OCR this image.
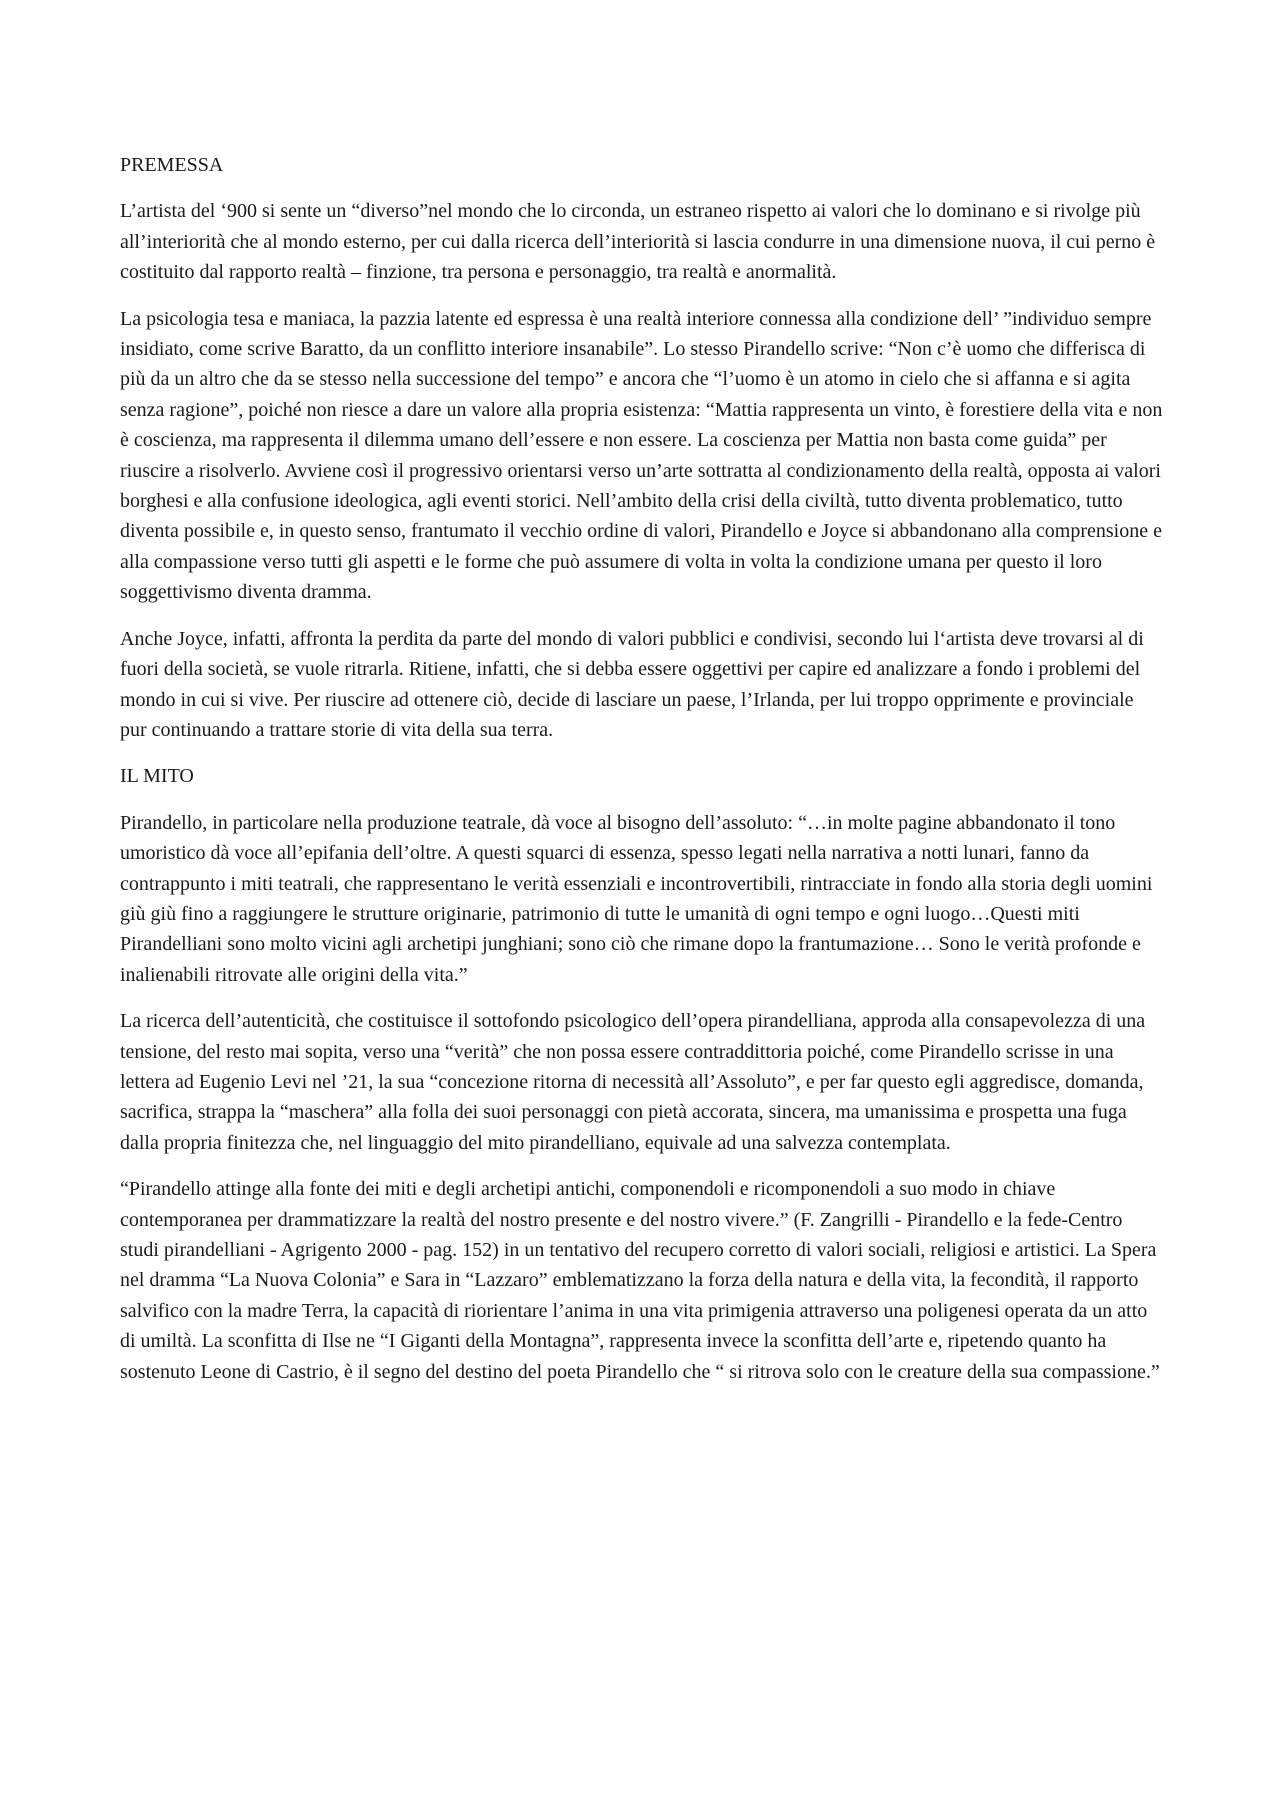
PREMESSA

L’artista del ‘900 si sente un “diverso”nel mondo che lo circonda, un estraneo rispetto ai valori che lo dominano e si rivolge più all’interiorità che al mondo esterno, per cui dalla ricerca dell’interiorità si lascia condurre in una dimensione nuova, il cui perno è costituito dal rapporto realtà – finzione, tra persona e personaggio, tra realtà e anormalità.

La psicologia tesa e maniaca, la pazzia latente ed espressa è una realtà interiore connessa alla condizione dell’ ”individuo sempre insidiato, come scrive Baratto, da un conflitto interiore insanabile”. Lo stesso Pirandello scrive: “Non c’è uomo che differisca di più da un altro che da se stesso nella successione del tempo” e ancora che “l’uomo è un atomo in cielo che si affanna e si agita senza ragione”, poiché non riesce a dare un valore alla propria esistenza: “Mattia rappresenta un vinto, è forestiere della vita e non è coscienza, ma rappresenta il dilemma umano dell’essere e non essere. La coscienza per Mattia non basta come guida” per riuscire a risolverlo. Avviene così il progressivo orientarsi verso un’arte sottratta al condizionamento della realtà, opposta ai valori borghesi e alla confusione ideologica, agli eventi storici. Nell’ambito della crisi della civiltà, tutto diventa problematico, tutto diventa possibile e, in questo senso, frantumato il vecchio ordine di valori, Pirandello e Joyce si abbandonano alla comprensione e alla compassione verso tutti gli aspetti e le forme che può assumere di volta in volta la condizione umana per questo il loro soggettivismo diventa dramma.

Anche Joyce, infatti, affronta la perdita da parte del mondo di valori pubblici e condivisi, secondo lui l‘artista deve trovarsi al di fuori della società, se vuole ritrarla. Ritiene, infatti, che si debba essere oggettivi per capire ed analizzare a fondo i problemi del mondo in cui si vive. Per riuscire ad ottenere ciò, decide di lasciare un paese, l’Irlanda, per lui troppo opprimente e provinciale pur continuando a trattare storie di vita della sua terra.

IL MITO

Pirandello, in particolare nella produzione teatrale, dà voce al bisogno dell’assoluto: “…in molte pagine abbandonato il tono umoristico dà voce all’epifania dell’oltre. A questi squarci di essenza, spesso legati nella narrativa a notti lunari, fanno da contrappunto i miti teatrali, che rappresentano le verità essenziali e incontrovertibili, rintracciate in fondo alla storia degli uomini giù giù fino a raggiungere le strutture originarie, patrimonio di tutte le umanità di ogni tempo e ogni luogo…Questi miti Pirandelliani sono molto vicini agli archetipi junghiani; sono ciò che rimane dopo la frantumazione… Sono le verità profonde e inalienabili ritrovate alle origini della vita.”

La ricerca dell’autenticità, che costituisce il sottofondo psicologico dell’opera pirandelliana, approda alla consapevolezza di una tensione, del resto mai sopita, verso una “verità” che non possa essere contraddittoria poiché, come Pirandello scrisse in una lettera ad Eugenio Levi nel ’21, la sua “concezione ritorna di necessità all’Assoluto”, e per far questo egli aggredisce, domanda, sacrifica, strappa la “maschera” alla folla dei suoi personaggi con pietà accorata, sincera, ma umanissima e prospetta una fuga dalla propria finitezza che, nel linguaggio del mito pirandelliano, equivale ad una salvezza contemplata.

“Pirandello attinge alla fonte dei miti e degli archetipi antichi, componendoli e ricomponendoli a suo modo in chiave contemporanea per drammatizzare la realtà del nostro presente e del nostro vivere.” (F. Zangrilli - Pirandello e la fede-Centro studi pirandelliani - Agrigento 2000 - pag. 152) in un tentativo del recupero corretto di valori sociali, religiosi e artistici. La Spera nel dramma “La Nuova Colonia” e Sara in “Lazzaro” emblematizzano la forza della natura e della vita, la fecondità, il rapporto salvifico con la madre Terra, la capacità di riorientare l’anima in una vita primigenia attraverso una poligenesi operata da un atto di umiltà. La sconfitta di Ilse ne “I Giganti della Montagna”, rappresenta invece la sconfitta dell’arte e, ripetendo quanto ha sostenuto Leone di Castrio, è il segno del destino del poeta Pirandello che “ si ritrova solo con le creature della sua compassione.”
